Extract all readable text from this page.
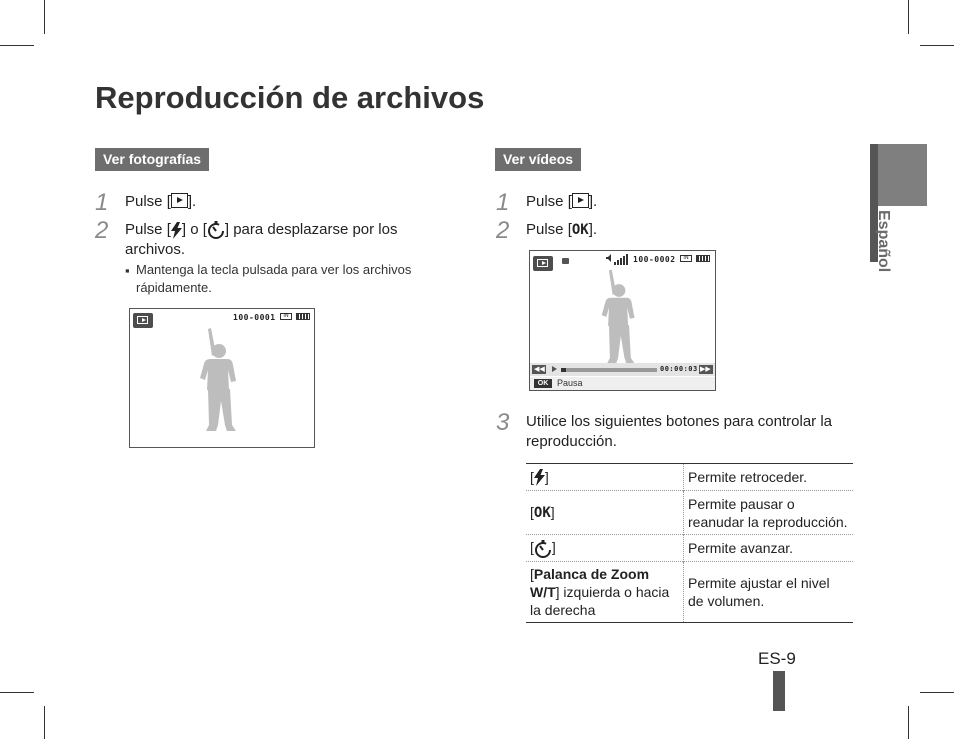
Reproducción de archivos
Ver fotografías
1 Pulse [ ].
2 Pulse [ ] o [ ] para desplazarse por los archivos.
▪ Mantenga la tecla pulsada para ver los archivos rápidamente.
100-0001	IN
Ver vídeos
1 Pulse [ ].
2 Pulse [OK].
100-0002	IN
◀◀	00:00:03 ▶▶
OK Pausa
3 Utilice los siguientes botones para controlar la reproducción.
[ ]	Permite retroceder.
[OK]	Permite pausar o reanudar la reproducción.
[ ]	Permite avanzar.
[Palanca de Zoom W/T] izquierda o hacia la derecha	Permite ajustar el nivel de volumen.
Español
ES-9
